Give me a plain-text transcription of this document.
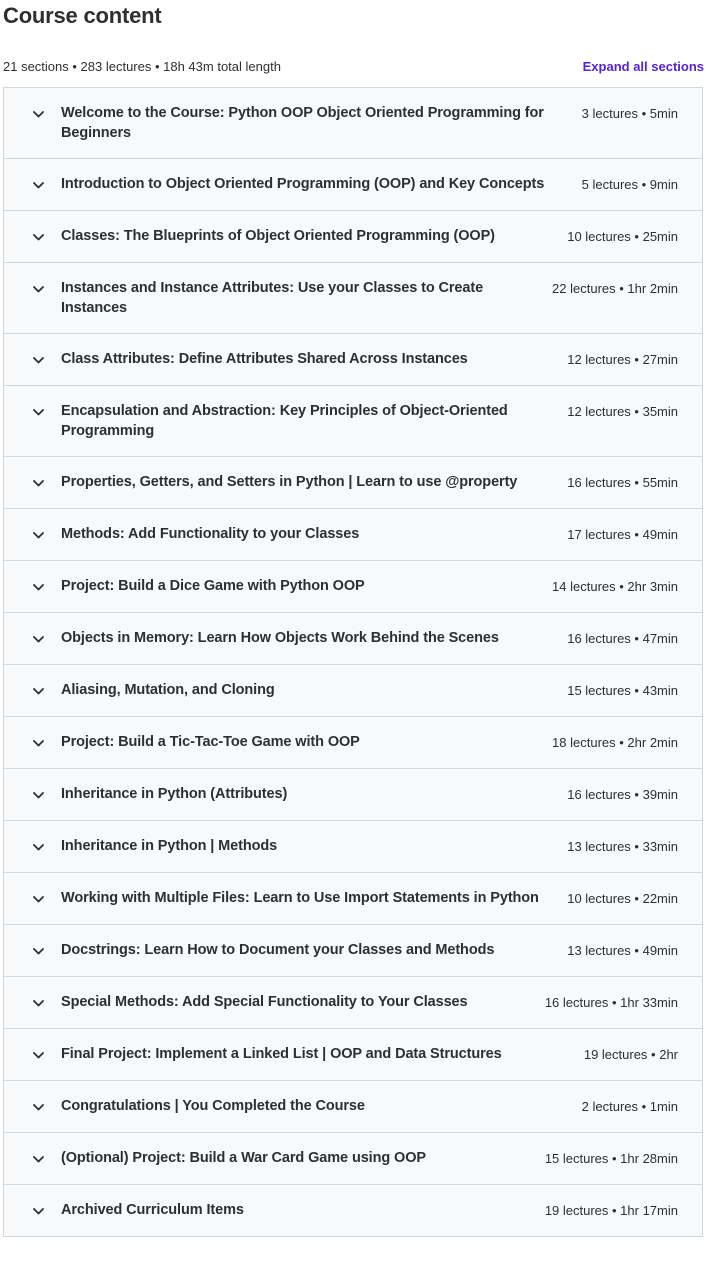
Course content
21 sections • 283 lectures • 18h 43m total length	Expand all sections
Welcome to the Course: Python OOP Object Oriented Programming for Beginners
3 lectures • 5min
Introduction to Object Oriented Programming (OOP) and Key Concepts	5 lectures • 9min
Classes: The Blueprints of Object Oriented Programming (OOP)	10 lectures • 25min
Instances and Instance Attributes: Use your Classes to Create Instances
22 lectures • 1hr 2min
Class Attributes: Define Attributes Shared Across Instances	12 lectures • 27min
Encapsulation and Abstraction: Key Principles of Object-Oriented Programming
12 lectures • 35min
Properties, Getters, and Setters in Python | Learn to use @property	16 lectures • 55min
Methods: Add Functionality to your Classes	17 lectures • 49min
Project: Build a Dice Game with Python OOP	14 lectures • 2hr 3min
Objects in Memory: Learn How Objects Work Behind the Scenes	16 lectures • 47min
Aliasing, Mutation, and Cloning	15 lectures • 43min
Project: Build a Tic-Tac-Toe Game with OOP	18 lectures • 2hr 2min
Inheritance in Python (Attributes)	16 lectures • 39min
Inheritance in Python | Methods	13 lectures • 33min
Working with Multiple Files: Learn to Use Import Statements in Python	10 lectures • 22min
Docstrings: Learn How to Document your Classes and Methods	13 lectures • 49min
Special Methods: Add Special Functionality to Your Classes	16 lectures • 1hr 33min
Final Project: Implement a Linked List | OOP and Data Structures	19 lectures • 2hr
Congratulations | You Completed the Course	2 lectures • 1min
(Optional) Project: Build a War Card Game using OOP	15 lectures • 1hr 28min
Archived Curriculum Items	19 lectures • 1hr 17min
